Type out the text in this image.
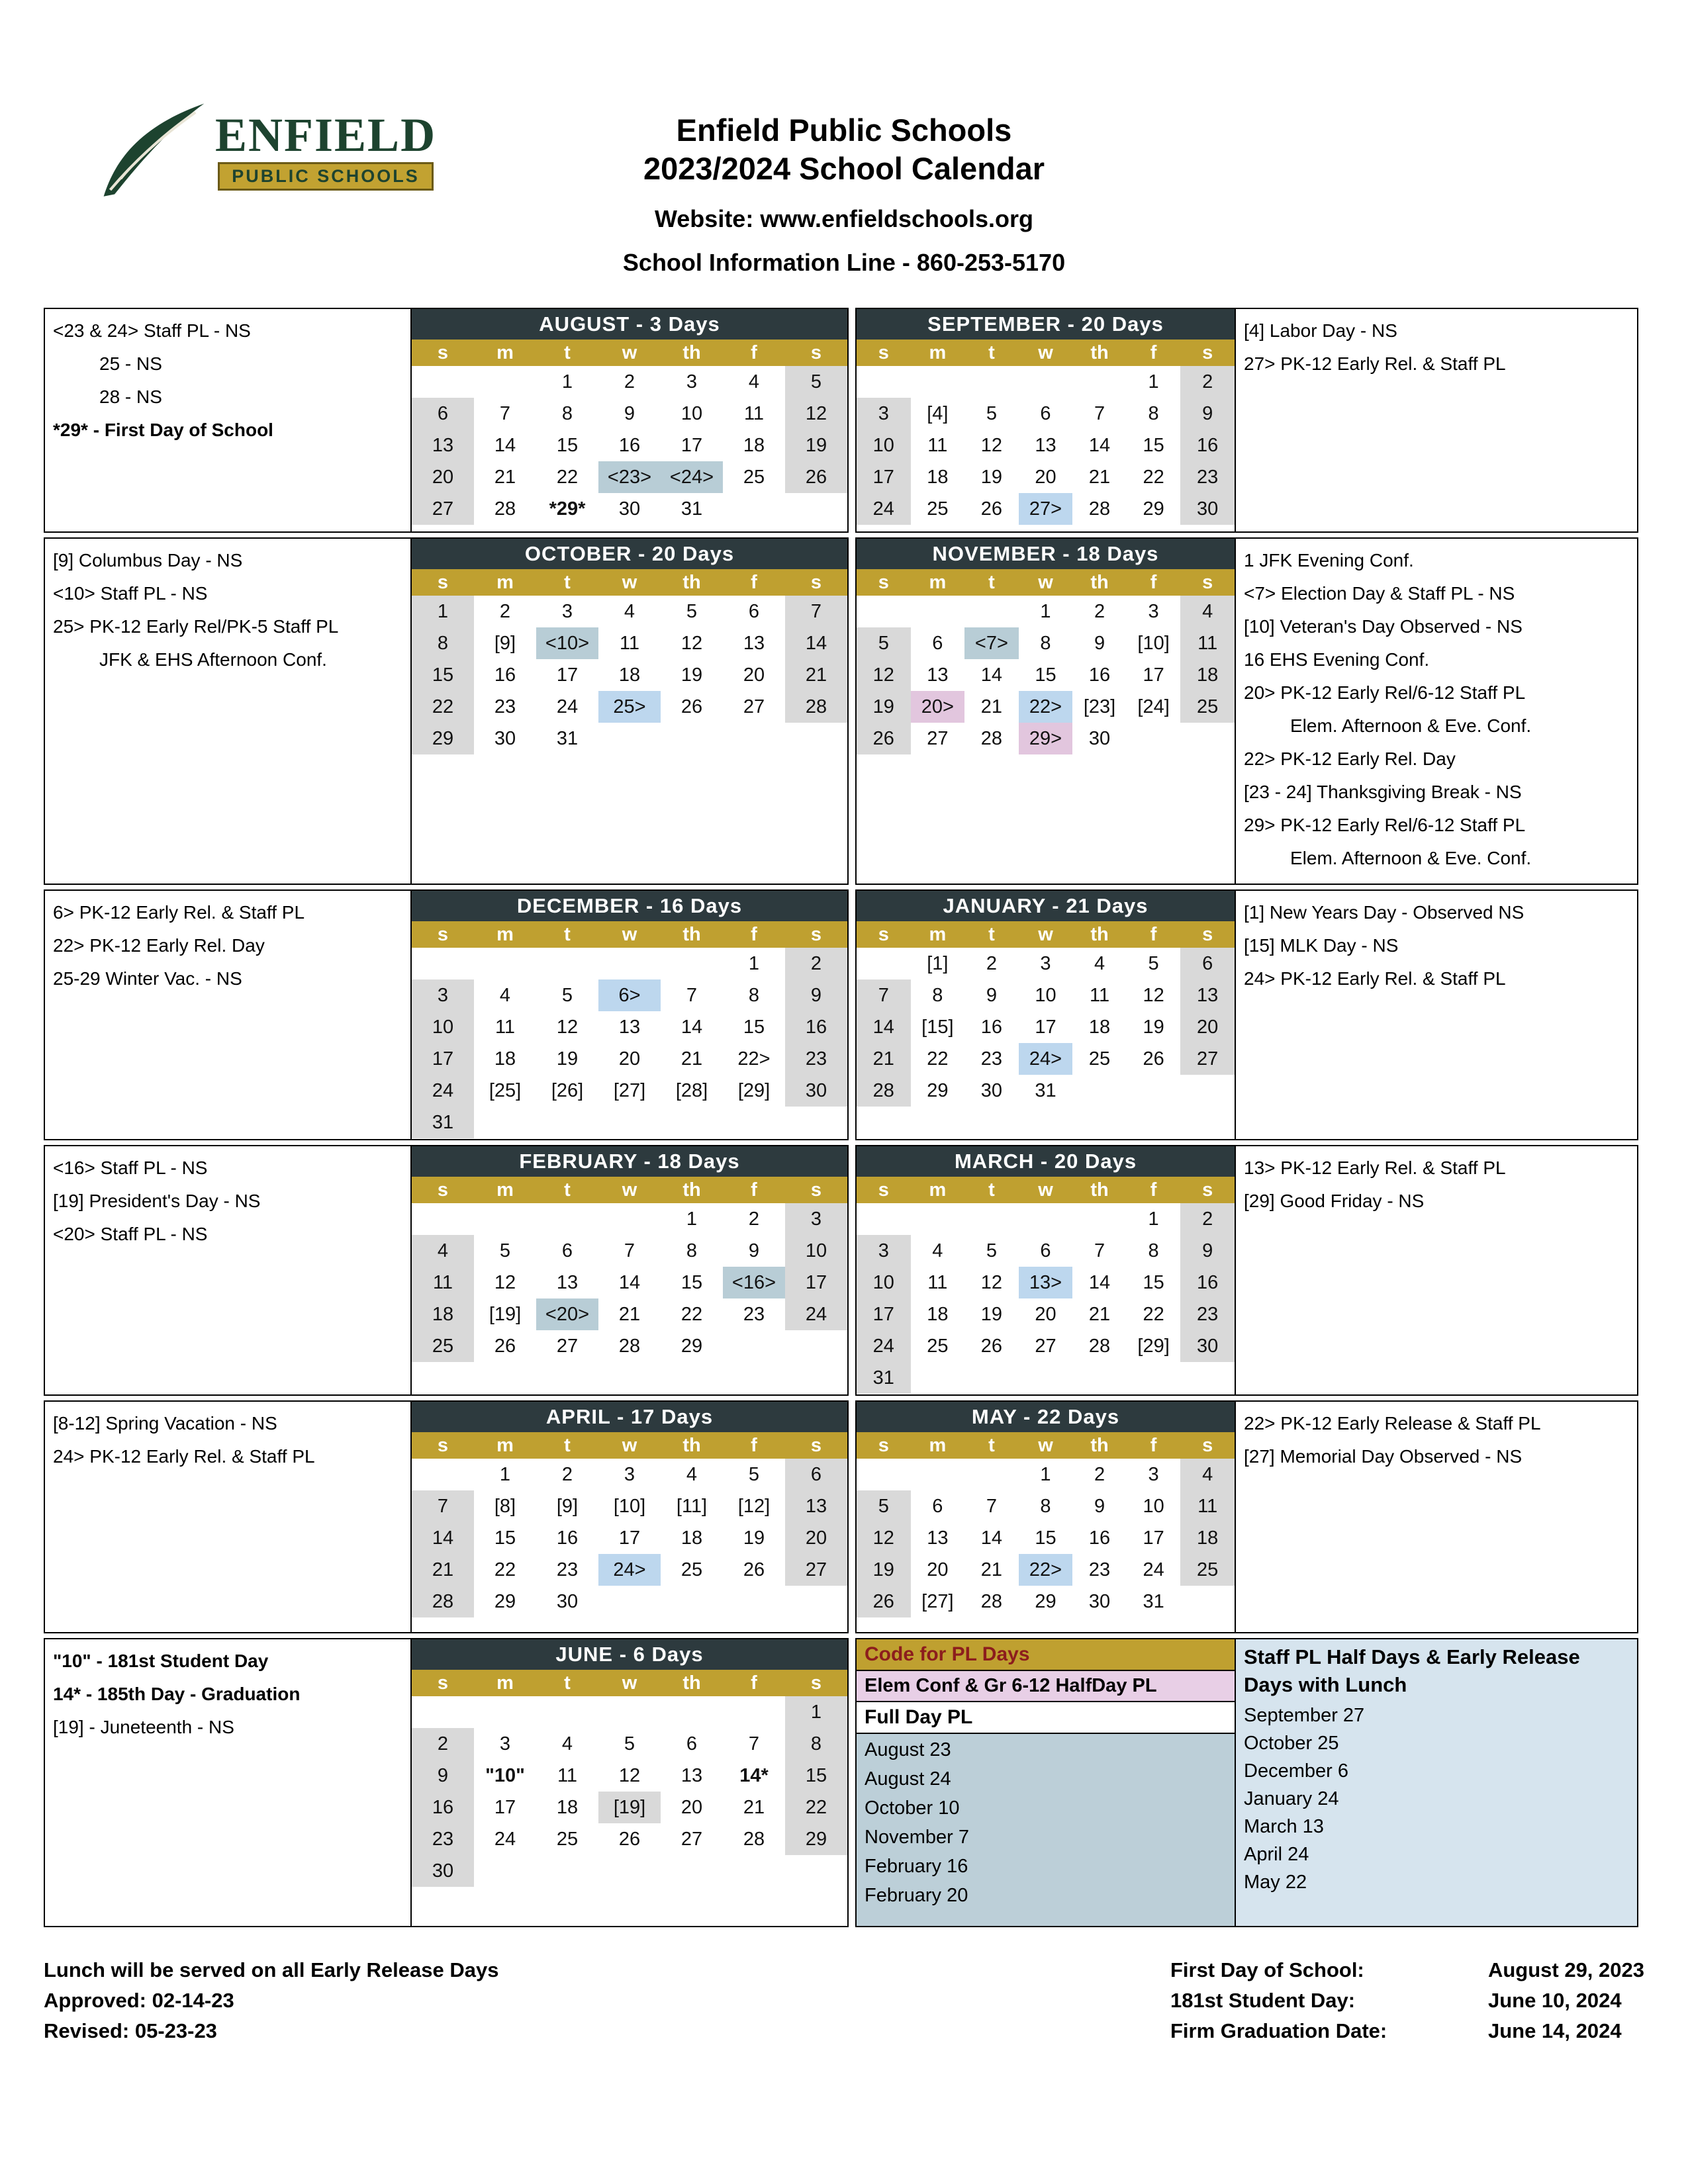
ENFIELD
PUBLIC SCHOOLS
Enfield Public Schools
2023/2024 School Calendar
Website: www.enfieldschools.org
School Information Line - 860-253-5170
<23 & 24> Staff PL - NS
25 - NS
28 - NS
*29* - First Day of School
AUGUST - 3 Days
s	m	t	w	th	f	s
		1	2	3	4	5
6	7	8	9	10	11	12
13	14	15	16	17	18	19
20	21	22	<23>	<24>	25	26
27	28	*29*	30	31		
SEPTEMBER - 20 Days
s	m	t	w	th	f	s
					1	2
3	[4]	5	6	7	8	9
10	11	12	13	14	15	16
17	18	19	20	21	22	23
24	25	26	27>	28	29	30
[4] Labor Day - NS
27> PK-12 Early Rel. & Staff PL
[9] Columbus Day - NS
<10> Staff PL - NS
25> PK-12 Early Rel/PK-5 Staff PL
JFK & EHS Afternoon Conf.
OCTOBER - 20 Days
s	m	t	w	th	f	s
1	2	3	4	5	6	7
8	[9]	<10>	11	12	13	14
15	16	17	18	19	20	21
22	23	24	25>	26	27	28
29	30	31				
NOVEMBER - 18 Days
s	m	t	w	th	f	s
			1	2	3	4
5	6	<7>	8	9	[10]	11
12	13	14	15	16	17	18
19	20>	21	22>	[23]	[24]	25
26	27	28	29>	30		
1 JFK Evening Conf.
<7> Election Day & Staff PL - NS
[10] Veteran's Day Observed - NS
16 EHS Evening Conf.
20> PK-12 Early Rel/6-12 Staff PL
Elem. Afternoon & Eve. Conf.
22> PK-12 Early Rel. Day
[23 - 24] Thanksgiving Break - NS
29> PK-12 Early Rel/6-12 Staff PL
Elem. Afternoon & Eve. Conf.
6> PK-12 Early Rel. & Staff PL
22> PK-12 Early Rel. Day
25-29 Winter Vac. - NS
DECEMBER - 16 Days
s	m	t	w	th	f	s
					1	2
3	4	5	6>	7	8	9
10	11	12	13	14	15	16
17	18	19	20	21	22>	23
24	[25]	[26]	[27]	[28]	[29]	30
31						
JANUARY - 21 Days
s	m	t	w	th	f	s
	[1]	2	3	4	5	6
7	8	9	10	11	12	13
14	[15]	16	17	18	19	20
21	22	23	24>	25	26	27
28	29	30	31			
[1] New Years Day - Observed NS
[15] MLK Day - NS
24> PK-12 Early Rel. & Staff PL
<16> Staff PL - NS
[19] President's Day - NS
<20> Staff PL - NS
FEBRUARY - 18 Days
s	m	t	w	th	f	s
				1	2	3
4	5	6	7	8	9	10
11	12	13	14	15	<16>	17
18	[19]	<20>	21	22	23	24
25	26	27	28	29		
MARCH - 20 Days
s	m	t	w	th	f	s
					1	2
3	4	5	6	7	8	9
10	11	12	13>	14	15	16
17	18	19	20	21	22	23
24	25	26	27	28	[29]	30
31						
13> PK-12 Early Rel. & Staff PL
[29] Good Friday - NS
[8-12] Spring Vacation - NS
24> PK-12 Early Rel. & Staff PL
APRIL - 17 Days
s	m	t	w	th	f	s
	1	2	3	4	5	6
7	[8]	[9]	[10]	[11]	[12]	13
14	15	16	17	18	19	20
21	22	23	24>	25	26	27
28	29	30				
MAY - 22 Days
s	m	t	w	th	f	s
			1	2	3	4
5	6	7	8	9	10	11
12	13	14	15	16	17	18
19	20	21	22>	23	24	25
26	[27]	28	29	30	31	
22> PK-12 Early Release & Staff PL
[27] Memorial Day Observed - NS
"10" - 181st Student Day
14* - 185th Day - Graduation
[19] - Juneteenth - NS
JUNE - 6 Days
s	m	t	w	th	f	s
						1
2	3	4	5	6	7	8
9	"10"	11	12	13	14*	15
16	17	18	[19]	20	21	22
23	24	25	26	27	28	29
30						
Code for PL Days
Elem Conf & Gr 6-12 HalfDay PL
Full Day PL
August 23
August 24
October 10
November 7
February 16
February 20
Staff PL Half Days & Early Release Days with Lunch
September 27
October 25
December 6
January 24
March 13
April 24
May 22
Lunch will be served on all Early Release Days
Approved: 02-14-23
Revised: 05-23-23
First Day of School:	August 29, 2023
181st Student Day:	June 10, 2024
Firm Graduation Date:	June 14, 2024
